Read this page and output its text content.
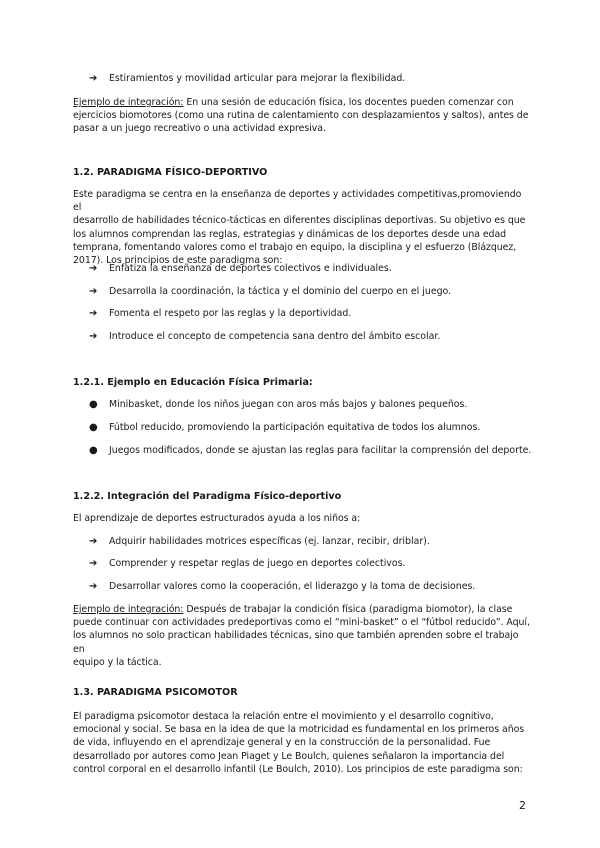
➔ Estiramientos y movilidad articular para mejorar la flexibilidad.

Ejemplo de integración: En una sesión de educación física, los docentes pueden comenzar con
ejercicios biomotores (como una rutina de calentamiento con desplazamientos y saltos), antes de
pasar a un juego recreativo o una actividad expresiva.

1.2. PARADIGMA FÍSICO-DEPORTIVO

Este paradigma se centra en la enseñanza de deportes y actividades competitivas,promoviendo el
desarrollo de habilidades técnico-tácticas en diferentes disciplinas deportivas. Su objetivo es que
los alumnos comprendan las reglas, estrategias y dinámicas de los deportes desde una edad
temprana, fomentando valores como el trabajo en equipo, la disciplina y el esfuerzo (Blázquez,
2017). Los principios de este paradigma son:

➔ Enfatiza la enseñanza de deportes colectivos e individuales.

➔ Desarrolla la coordinación, la táctica y el dominio del cuerpo en el juego.

➔ Fomenta el respeto por las reglas y la deportividad.

➔ Introduce el concepto de competencia sana dentro del ámbito escolar.

1.2.1. Ejemplo en Educación Física Primaria:

● Minibasket, donde los niños juegan con aros más bajos y balones pequeños.

● Fútbol reducido, promoviendo la participación equitativa de todos los alumnos.

● Juegos modificados, donde se ajustan las reglas para facilitar la comprensión del deporte.

1.2.2. Integración del Paradigma Físico-deportivo

El aprendizaje de deportes estructurados ayuda a los niños a:

➔ Adquirir habilidades motrices específicas (ej. lanzar, recibir, driblar).

➔ Comprender y respetar reglas de juego en deportes colectivos.

➔ Desarrollar valores como la cooperación, el liderazgo y la toma de decisiones.

Ejemplo de integración: Después de trabajar la condición física (paradigma biomotor), la clase
puede continuar con actividades predeportivas como el “mini-basket” o el “fútbol reducido”. Aquí,
los alumnos no solo practican habilidades técnicas, sino que también aprenden sobre el trabajo en
equipo y la táctica.

1.3. PARADIGMA PSICOMOTOR

El paradigma psicomotor destaca la relación entre el movimiento y el desarrollo cognitivo,
emocional y social. Se basa en la idea de que la motricidad es fundamental en los primeros años
de vida, influyendo en el aprendizaje general y en la construcción de la personalidad. Fue
desarrollado por autores como Jean Piaget y Le Boulch, quienes señalaron la importancia del
control corporal en el desarrollo infantil (Le Boulch, 2010). Los principios de este paradigma son:
2
